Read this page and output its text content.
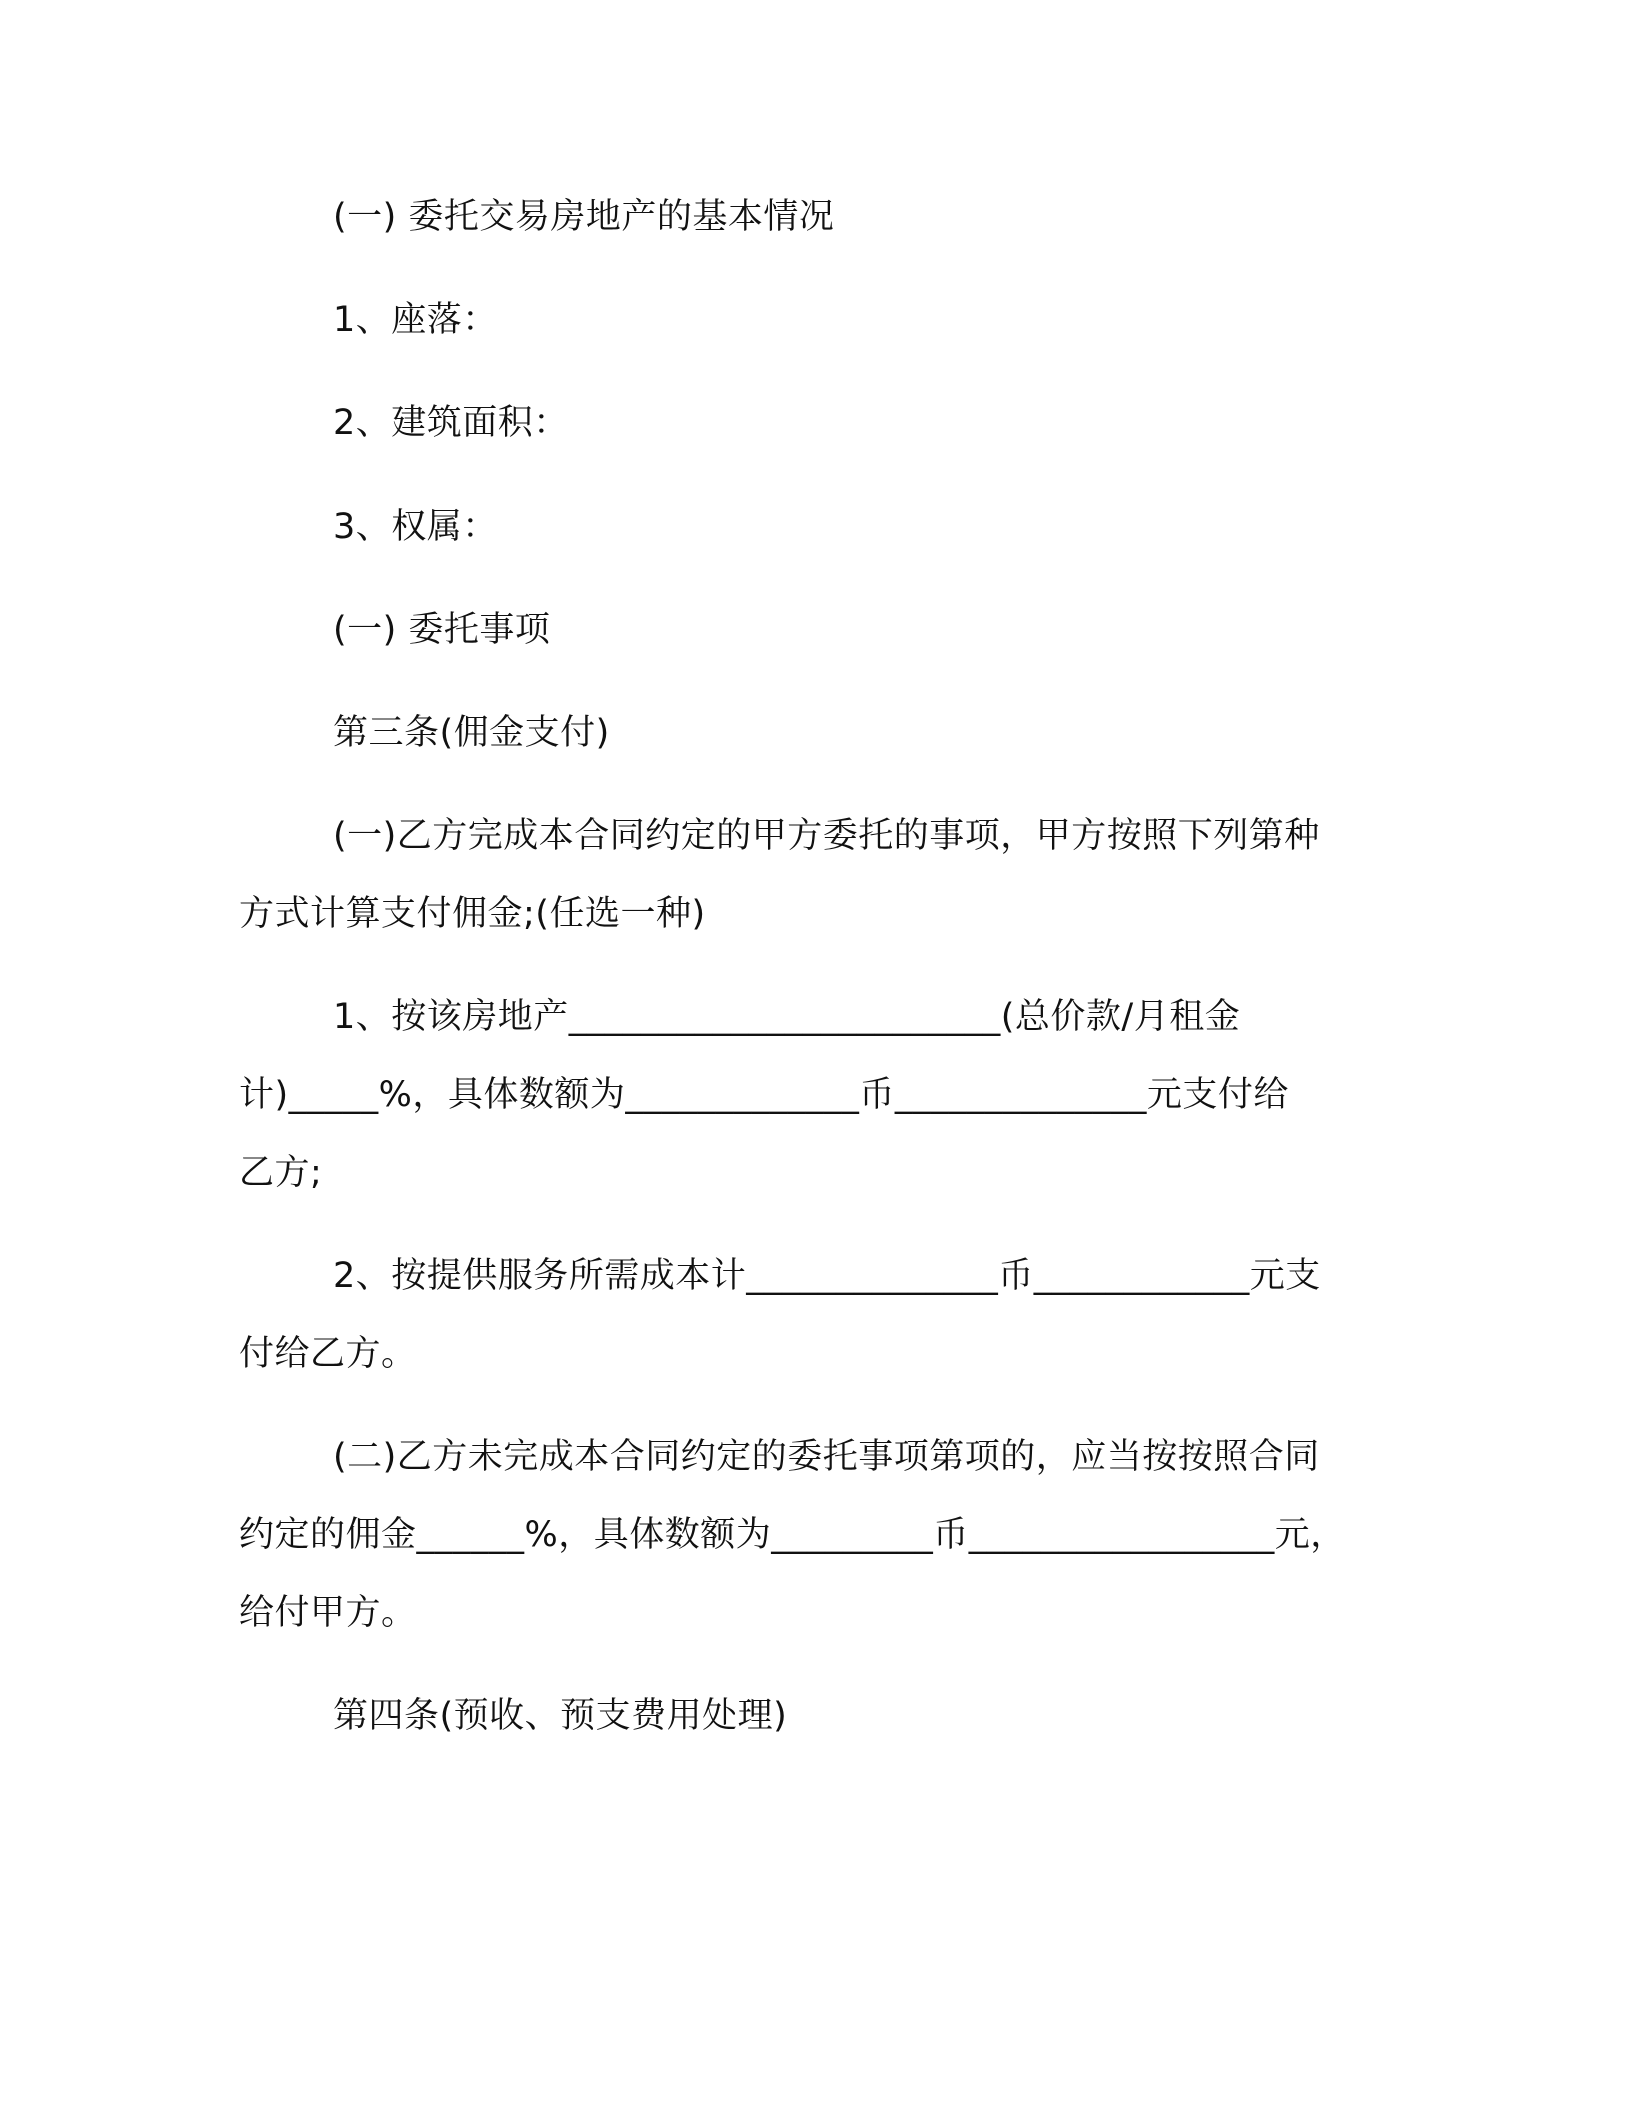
(一) 委托交易房地产的基本情况
1、座落：
2、建筑面积：
3、权属：
(一) 委托事项
第三条(佣金支付)
(一)乙方完成本合同约定的甲方委托的事项，甲方按照下列第种
方式计算支付佣金;(任选一种)
1、按该房地产________________________(总价款/月租金
计)_____%，具体数额为_____________币______________元支付给
乙方;
2、按提供服务所需成本计______________币____________元支
付给乙方。
(二)乙方未完成本合同约定的委托事项第项的，应当按按照合同
约定的佣金______%，具体数额为_________币_________________元，
给付甲方。
第四条(预收、预支费用处理)
